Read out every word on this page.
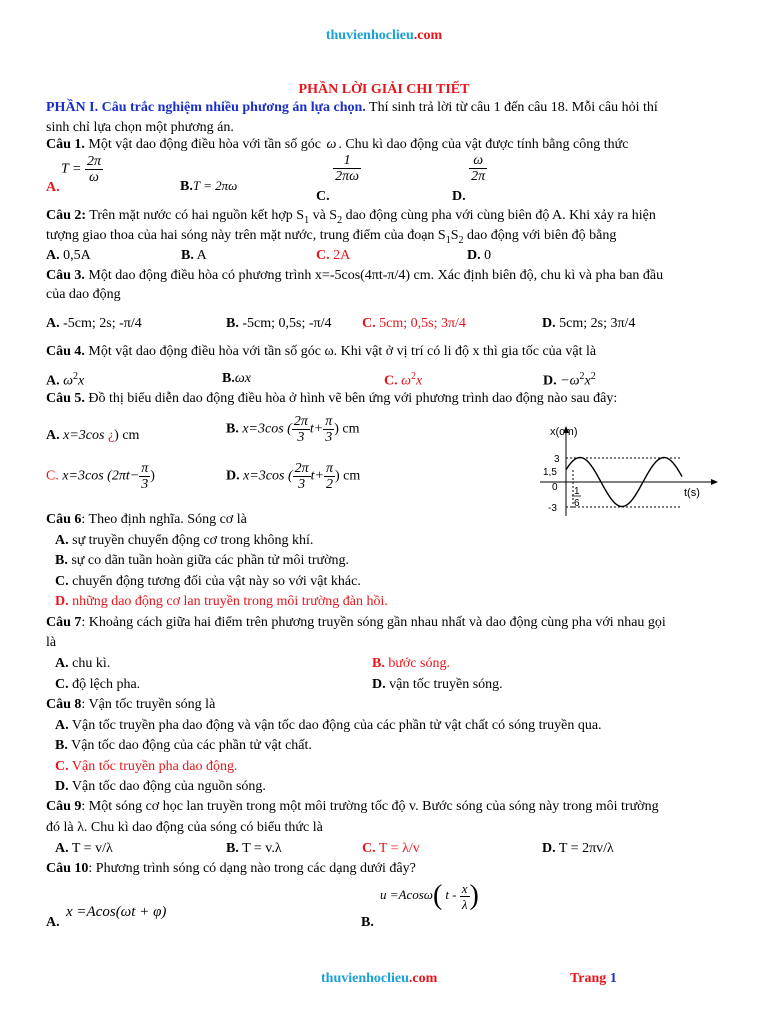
thuvienhoclieu.com
PHẦN LỜI GIẢI CHI TIẾT
PHẦN I. Câu trắc nghiệm nhiều phương án lựa chọn. Thí sinh trả lời từ câu 1 đến câu 18. Mỗi câu hỏi thí
sinh chỉ lựa chọn một phương án.
Câu 1. Một vật dao động điều hòa với tần số góc ω . Chu kì dao động của vật được tính bằng công thức
A.
$T = \frac{2\pi}{\omega}$
B.T = 2πω
C.
$\frac{1}{2\pi\omega}$
D.
$\frac{\omega}{2\pi}$
Câu 2: Trên mặt nước có hai nguồn kết hợp $S_1$ và $S_2$ dao động cùng pha với cùng biên độ A. Khi xảy ra hiện
tượng giao thoa của hai sóng này trên mặt nước, trung điểm của đoạn $S_1S_2$ dao động với biên độ bằng
A. 0,5A	B. A	C. 2A	D. 0
Câu 3. Một dao động điều hòa có phương trình x=-5cos(4πt-π/4) cm. Xác định biên độ, chu kì và pha ban đầu
của dao động
A. -5cm; 2s; -π/4	B. -5cm; 0,5s; -π/4 C. 5cm; 0,5s; 3π/4	D. 5cm; 2s; 3π/4
Câu 4. Một vật dao động điều hòa với tần số góc ω. Khi vật ở vị trí có li độ x thì gia tốc của vật là
A. $\omega^2x$	B.ωx	C. $\omega^2x$	D. $-\omega^2x^2$
Câu 5. Đồ thị biểu diễn dao động điều hòa ở hình vẽ bên ứng với phương trình dao động nào sau đây:
A. x=3cos ¿) cm	B. x=3cos ( $\frac{2\pi}{3} t+ \frac{\pi}{3}$ ) cm
C. x=3cos ($2\pi t- \frac{\pi}{3}$ )	D. x=3cos ( $\frac{2\pi}{3} t+ \frac{\pi}{2}$ ) cm
x(cm)
t(s)
3
1,5
0
-3
1
6
Câu 6: Theo định nghĩa. Sóng cơ là
A. sự truyền chuyển động cơ trong không khí.
B. sự co dãn tuần hoàn giữa các phần tử môi trường.
C. chuyển động tương đối của vật này so với vật khác.
D. những dao động cơ lan truyền trong môi trường đàn hồi.
Câu 7: Khoảng cách giữa hai điểm trên phương truyền sóng gần nhau nhất và dao động cùng pha với nhau gọi
là
A. chu kì.	B. bước sóng.
C. độ lệch pha.	D. vận tốc truyền sóng.
Câu 8: Vận tốc truyền sóng là
A. Vận tốc truyền pha dao động và vận tốc dao động của các phần tử vật chất có sóng truyền qua.
B. Vận tốc dao động của các phần tử vật chất.
C. Vận tốc truyền pha dao động.
D. Vận tốc dao động của nguồn sóng.
Câu 9: Một sóng cơ học lan truyền trong một môi trường tốc độ v. Bước sóng của sóng này trong môi trường
đó là λ. Chu kì dao động của sóng có biểu thức là
A. T = v/λ	B. T = v.λ	C. T = λ/v	D. T = 2πv/λ
Câu 10: Phương trình sóng có dạng nào trong các dạng dưới đây?
A.
x =Acos(ωt + φ)
B.
u =Acosω( t - $\frac{x}{\lambda}$ )
thuvienhoclieu.com	Trang 1
